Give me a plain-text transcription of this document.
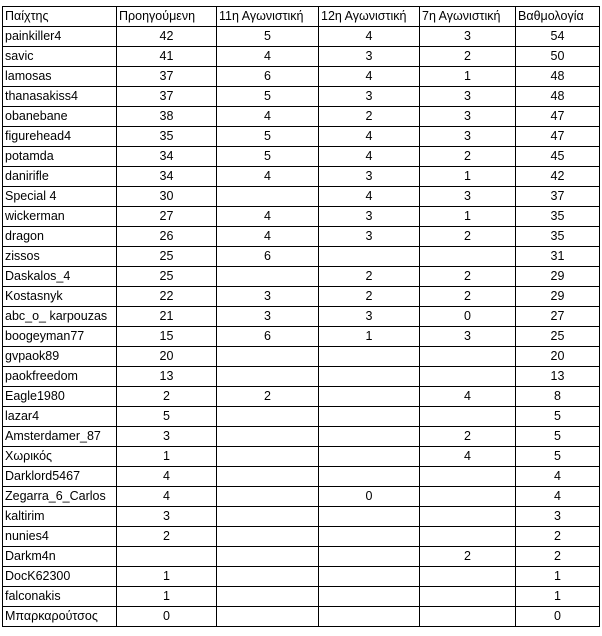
Παίχτης	Προηγούμενη	11η Αγωνιστική	12η Αγωνιστική	7η Αγωνιστική	Βαθμολογία
painkiller4	42	5	4	3	54
savic	41	4	3	2	50
lamosas	37	6	4	1	48
thanasakiss4	37	5	3	3	48
obanebane	38	4	2	3	47
figurehead4	35	5	4	3	47
potamda	34	5	4	2	45
danirifle	34	4	3	1	42
Special 4	30		4	3	37
wickerman	27	4	3	1	35
dragon	26	4	3	2	35
zissos	25	6			31
Daskalos_4	25		2	2	29
Kostasnyk	22	3	2	2	29
abc_o_ karpouzas	21	3	3	0	27
boogeyman77	15	6	1	3	25
gvpaok89	20				20
paokfreedom	13				13
Eagle1980	2	2		4	8
lazar4	5				5
Amsterdamer_87	3			2	5
Χωρικός	1			4	5
Darklord5467	4				4
Zegarra_6_Carlos	4		0		4
kaltirim	3				3
nunies4	2				2
Darkm4n				2	2
DocK62300	1				1
falconakis	1				1
Μπαρκαρούτσος	0				0
